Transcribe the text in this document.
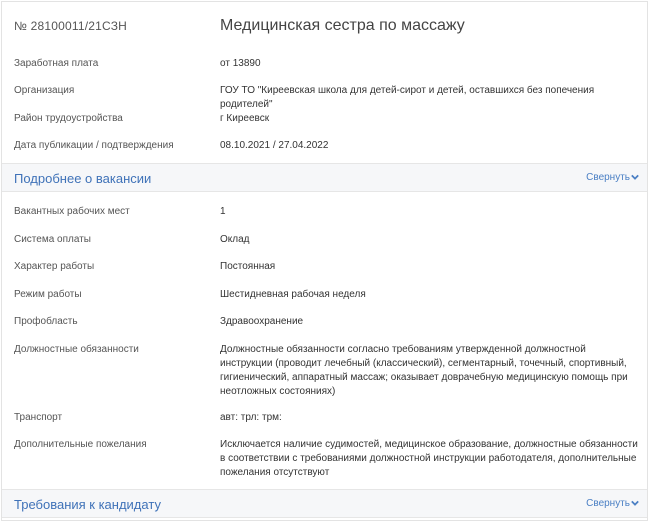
№ 28100011/21СЗН	Медицинская сестра по массажу
Заработная плата	от 13890
Организация	ГОУ ТО "Киреевская школа для детей-сирот и детей, оставшихся без попечения родителей"
Район трудоустройства	г Киреевск
Дата публикации / подтверждения	08.10.2021 / 27.04.2022
Подробнее о вакансии	Свернуть
Вакантных рабочих мест	1
Система оплаты	Оклад
Характер работы	Постоянная
Режим работы	Шестидневная рабочая неделя
Профобласть	Здравоохранение
Должностные обязанности	Должностные обязанности согласно требованиям утвержденной должностной инструкции (проводит лечебный (классический), сегментарный, точечный, спортивный, гигиенический, аппаратный массаж; оказывает доврачебную медицинскую помощь при неотложных состояниях)
Транспорт	авт: трл: трм:
Дополнительные пожелания	Исключается наличие судимостей, медицинское образование, должностные обязанности в соответствии с требованиями должностной инструкции работодателя, дополнительные пожелания отсутствуют
Требования к кандидату	Свернуть
